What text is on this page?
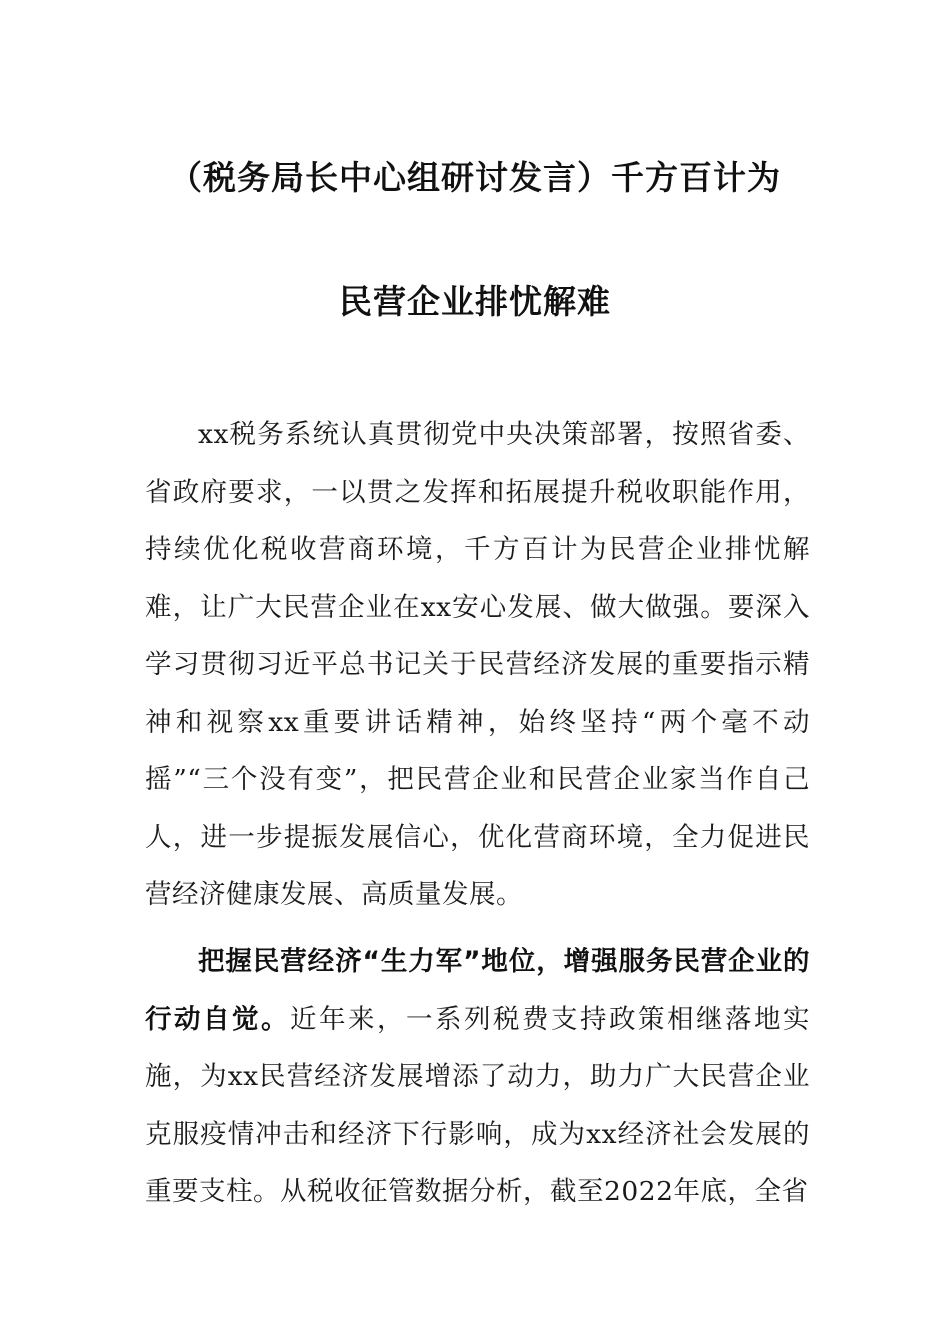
（税务局长中心组研讨发言）千方百计为
民营企业排忧解难

xx税务系统认真贯彻党中央决策部署，按照省委、省政府要求，一以贯之发挥和拓展提升税收职能作用，持续优化税收营商环境，千方百计为民营企业排忧解难，让广大民营企业在xx安心发展、做大做强。要深入学习贯彻习近平总书记关于民营经济发展的重要指示精神和视察xx重要讲话精神，始终坚持“两个毫不动摇”“三个没有变”，把民营企业和民营企业家当作自己人，进一步提振发展信心，优化营商环境，全力促进民营经济健康发展、高质量发展。

把握民营经济“生力军”地位，增强服务民营企业的行动自觉。近年来，一系列税费支持政策相继落地实施，为xx民营经济发展增添了动力，助力广大民营企业克服疫情冲击和经济下行影响，成为xx经济社会发展的重要支柱。从税收征管数据分析，截至2022年底，全省
